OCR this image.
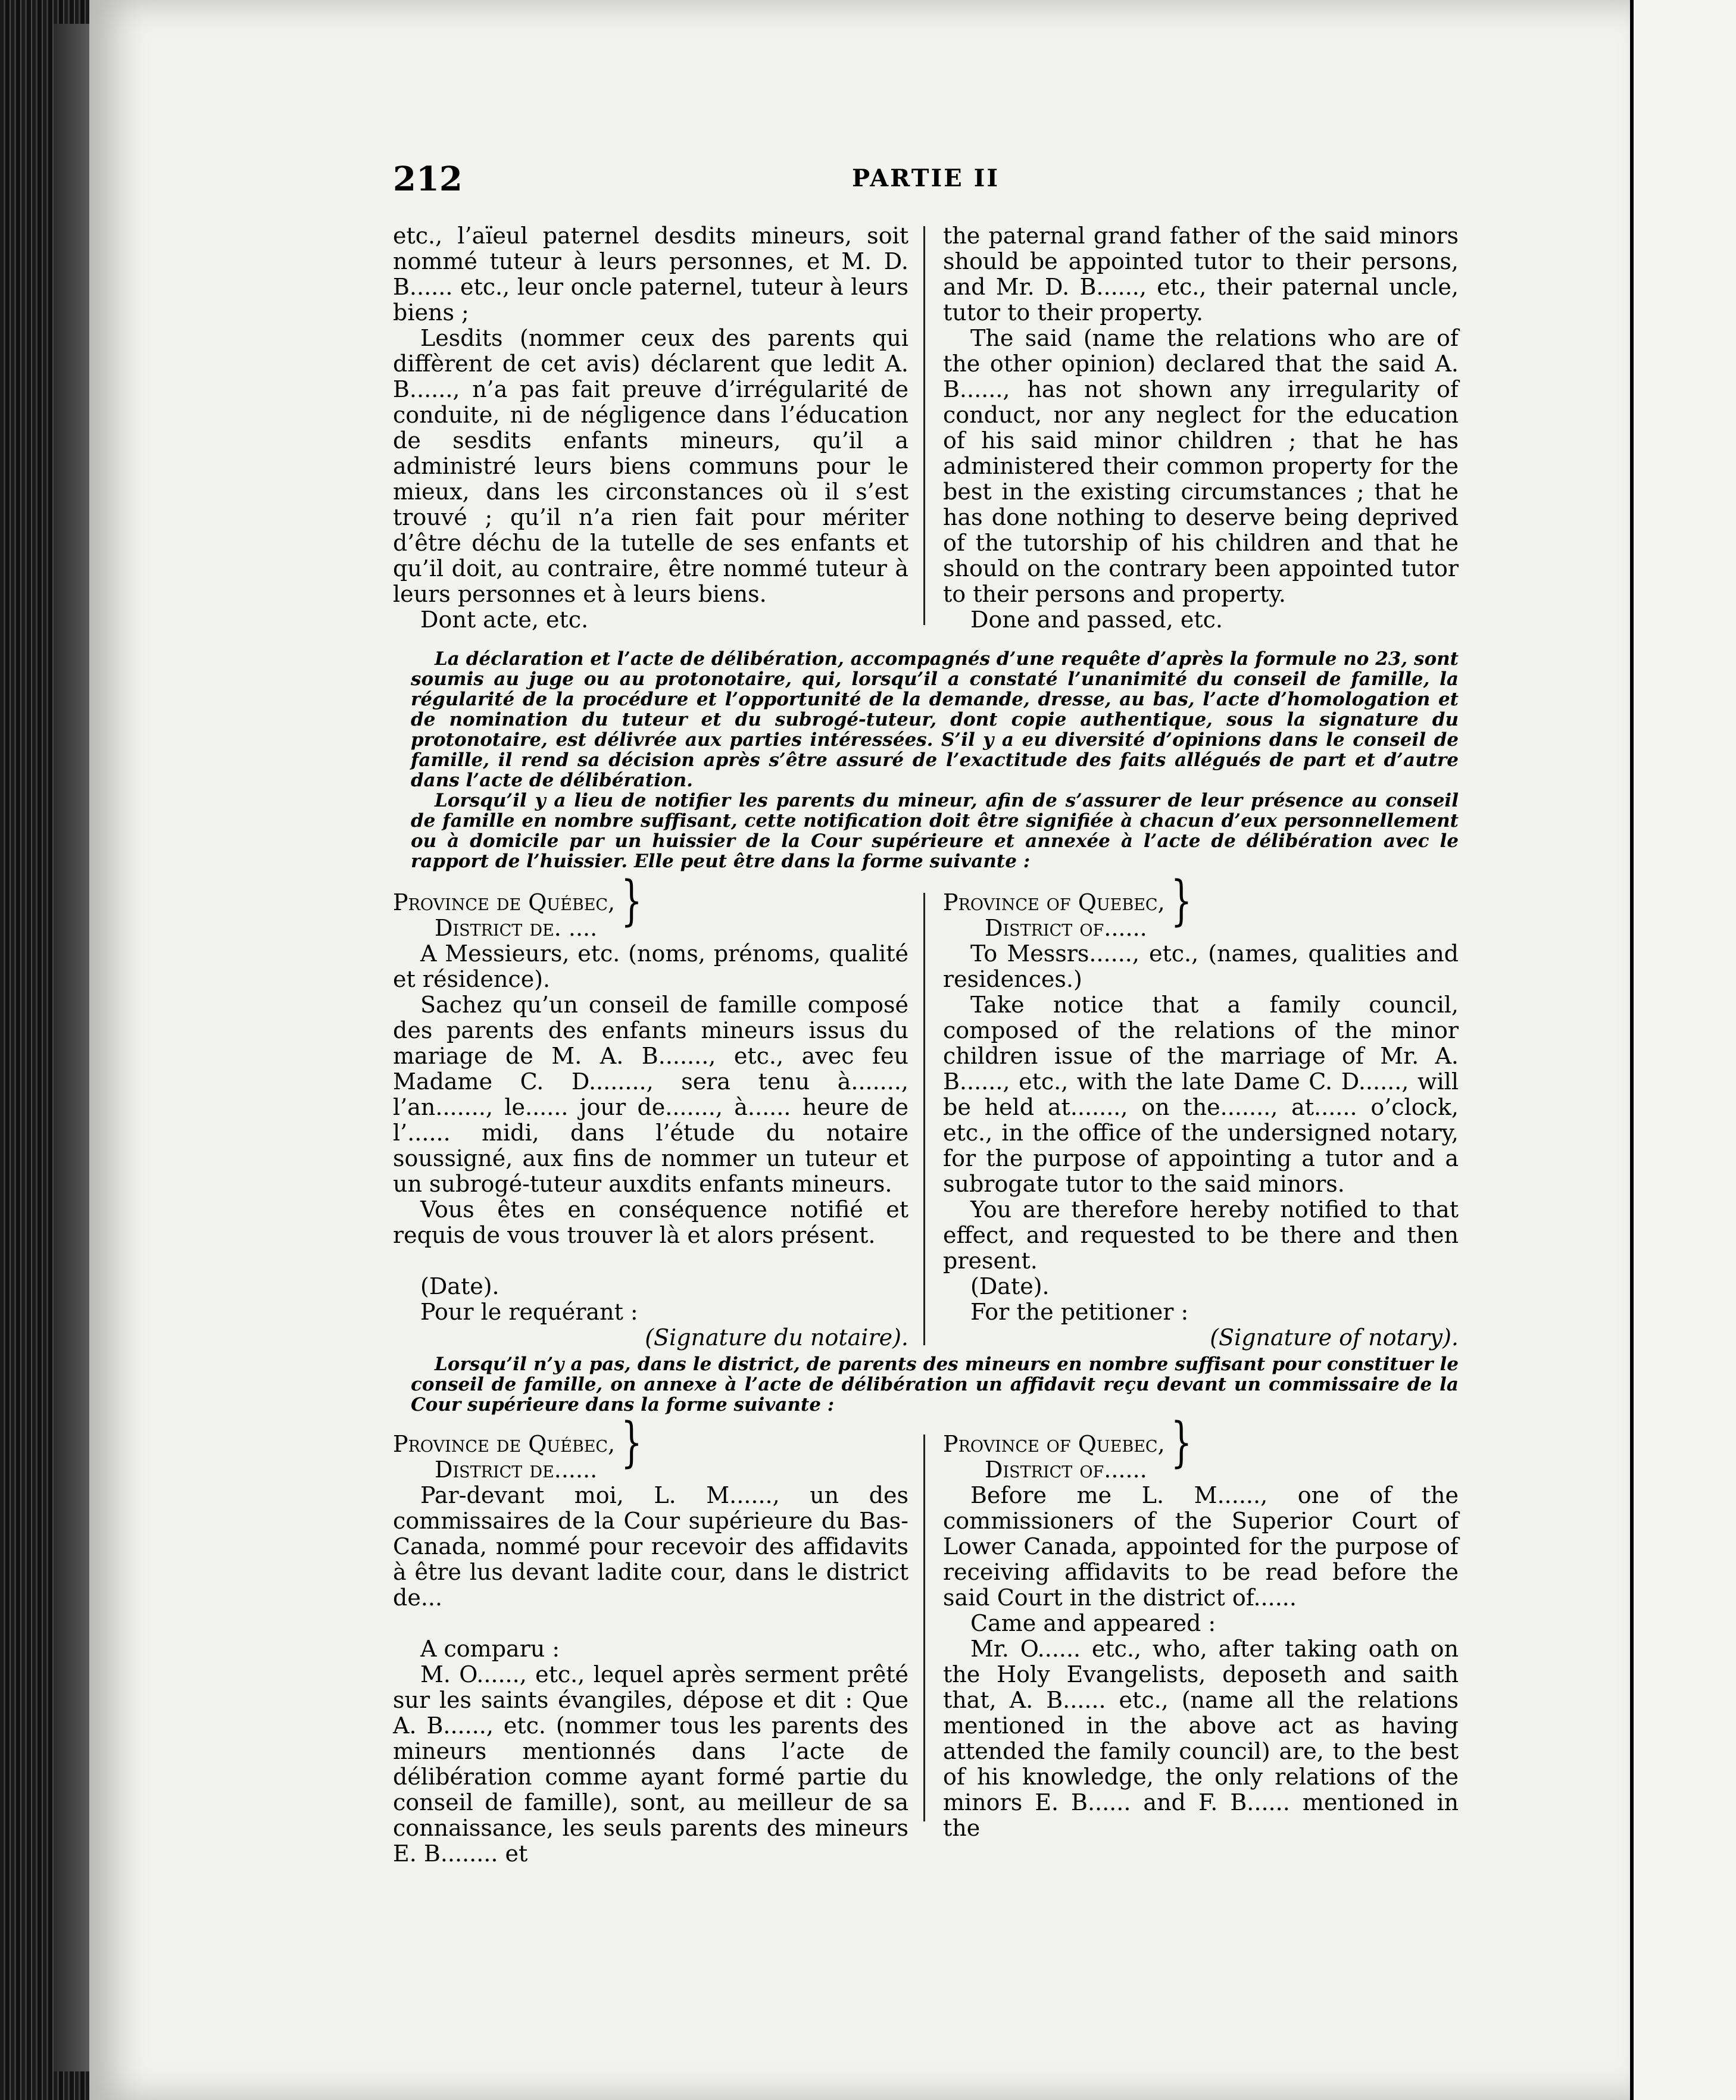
212	PARTIE II

etc., l’aïeul paternel desdits mineurs, soit nommé tuteur à leurs personnes, et M. D. B...... etc., leur oncle paternel, tuteur à leurs biens ;

Lesdits (nommer ceux des parents qui diffèrent de cet avis) déclarent que ledit A. B......, n’a pas fait preuve d’irrégularité de conduite, ni de négligence dans l’éducation de sesdits enfants mineurs, qu’il a administré leurs biens communs pour le mieux, dans les circonstances où il s’est trouvé ; qu’il n’a rien fait pour mériter d’être déchu de la tutelle de ses enfants et qu’il doit, au contraire, être nommé tuteur à leurs personnes et à leurs biens.

Dont acte, etc.

the paternal grand father of the said minors should be appointed tutor to their persons, and Mr. D. B......, etc., their paternal uncle, tutor to their property.

The said (name the relations who are of the other opinion) declared that the said A. B......, has not shown any irregularity of conduct, nor any neglect for the education of his said minor children ; that he has administered their common property for the best in the existing circumstances ; that he has done nothing to deserve being deprived of the tutorship of his children and that he should on the contrary been appointed tutor to their persons and property.

Done and passed, etc.

La déclaration et l’acte de délibération, accompagnés d’une requête d’après la formule no 23, sont soumis au juge ou au protonotaire, qui, lorsqu’il a constaté l’unanimité du conseil de famille, la régularité de la procédure et l’opportunité de la demande, dresse, au bas, l’acte d’homologation et de nomination du tuteur et du subrogé-tuteur, dont copie authentique, sous la signature du protonotaire, est délivrée aux parties intéressées. S’il y a eu diversité d’opinions dans le conseil de famille, il rend sa décision après s’être assuré de l’exactitude des faits allégués de part et d’autre dans l’acte de délibération.

Lorsqu’il y a lieu de notifier les parents du mineur, afin de s’assurer de leur présence au conseil de famille en nombre suffisant, cette notification doit être signifiée à chacun d’eux personnellement ou à domicile par un huissier de la Cour supérieure et annexée à l’acte de délibération avec le rapport de l’huissier. Elle peut être dans la forme suivante :

Province de Québec, }
District de. ....

A Messieurs, etc. (noms, prénoms, qualité et résidence).

Sachez qu’un conseil de famille composé des parents des enfants mineurs issus du mariage de M. A. B......., etc., avec feu Madame C. D........, sera tenu à......., l’an......., le...... jour de......., à...... heure de l’...... midi, dans l’étude du notaire soussigné, aux fins de nommer un tuteur et un subrogé-tuteur auxdits enfants mineurs.

Vous êtes en conséquence notifié et requis de vous trouver là et alors présent.

(Date).

Pour le requérant :

(Signature du notaire).
Province of Quebec, }
District of......

To Messrs......, etc., (names, qualities and residences.)

Take notice that a family council, composed of the relations of the minor children issue of the marriage of Mr. A. B......, etc., with the late Dame C. D......, will be held at......., on the......., at...... o’clock, etc., in the office of the undersigned notary, for the purpose of appointing a tutor and a subrogate tutor to the said minors.

You are therefore hereby notified to that effect, and requested to be there and then present.

(Date).

For the petitioner :

(Signature of notary).

Lorsqu’il n’y a pas, dans le district, de parents des mineurs en nombre suffisant pour constituer le conseil de famille, on annexe à l’acte de délibération un affidavit reçu devant un commissaire de la Cour supérieure dans la forme suivante :

Province de Québec, }
District de......

Par-devant moi, L. M......, un des commissaires de la Cour supérieure du Bas-Canada, nommé pour recevoir des affidavits à être lus devant ladite cour, dans le district de...

A comparu :

M. O......, etc., lequel après serment prêté sur les saints évangiles, dépose et dit : Que A. B......, etc. (nommer tous les parents des mineurs mentionnés dans l’acte de délibération comme ayant formé partie du conseil de famille), sont, au meilleur de sa connaissance, les seuls parents des mineurs E. B........ et

Province of Quebec, }
District of......

Before me L. M......, one of the commissioners of the Superior Court of Lower Canada, appointed for the purpose of receiving affidavits to be read before the said Court in the district of......

Came and appeared :

Mr. O...... etc., who, after taking oath on the Holy Evangelists, deposeth and saith that, A. B...... etc., (name all the relations mentioned in the above act as having attended the family council) are, to the best of his knowledge, the only relations of the minors E. B...... and F. B...... mentioned in the
